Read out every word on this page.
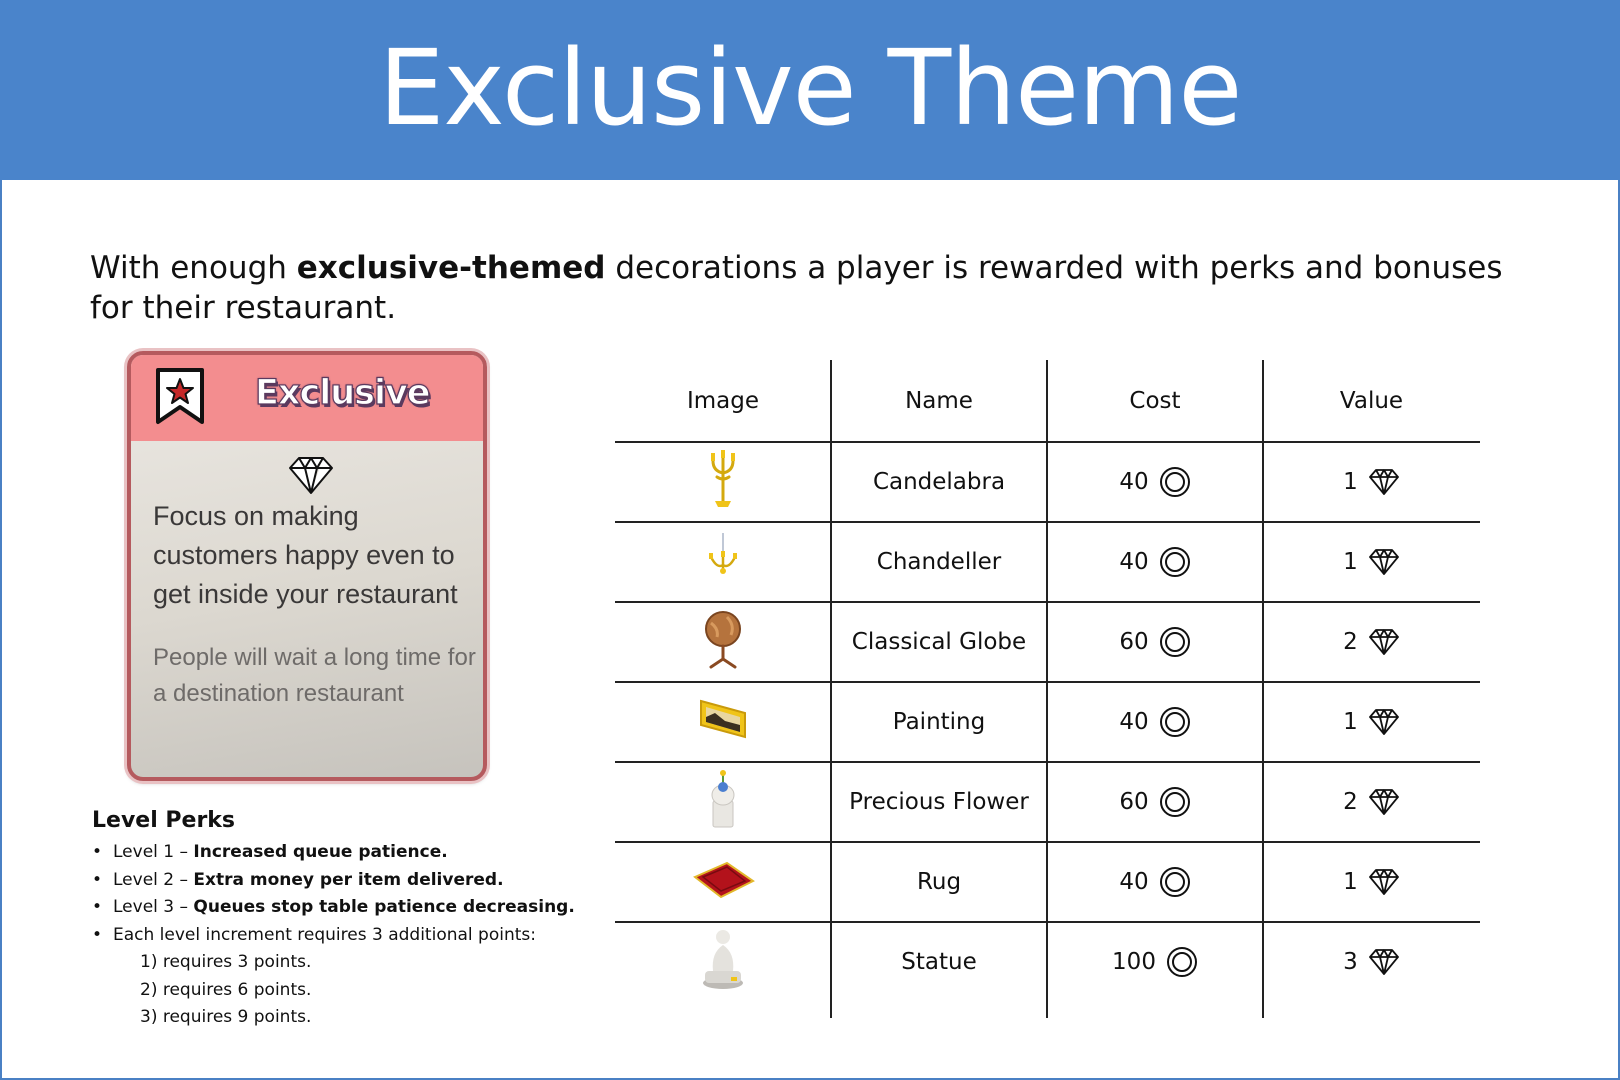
Exclusive Theme

With enough exclusive-themed decorations a player is rewarded with perks and bonuses for their restaurant.

Exclusive
Focus on making customers happy even to get inside your restaurant
People will wait a long time for a destination restaurant
Level Perks
• Level 1 – Increased queue patience.
• Level 2 – Extra money per item delivered.
• Level 3 – Queues stop table patience decreasing.
• Each level increment requires 3 additional points:
1) requires 3 points.
2) requires 6 points.
3) requires 9 points.
Image	Name	Cost	Value
Candelabra	40	1
Chandeller	40	1
Classical Globe	60	2
Painting	40	1
Precious Flower	60	2
Rug	40	1
Statue	100	3
